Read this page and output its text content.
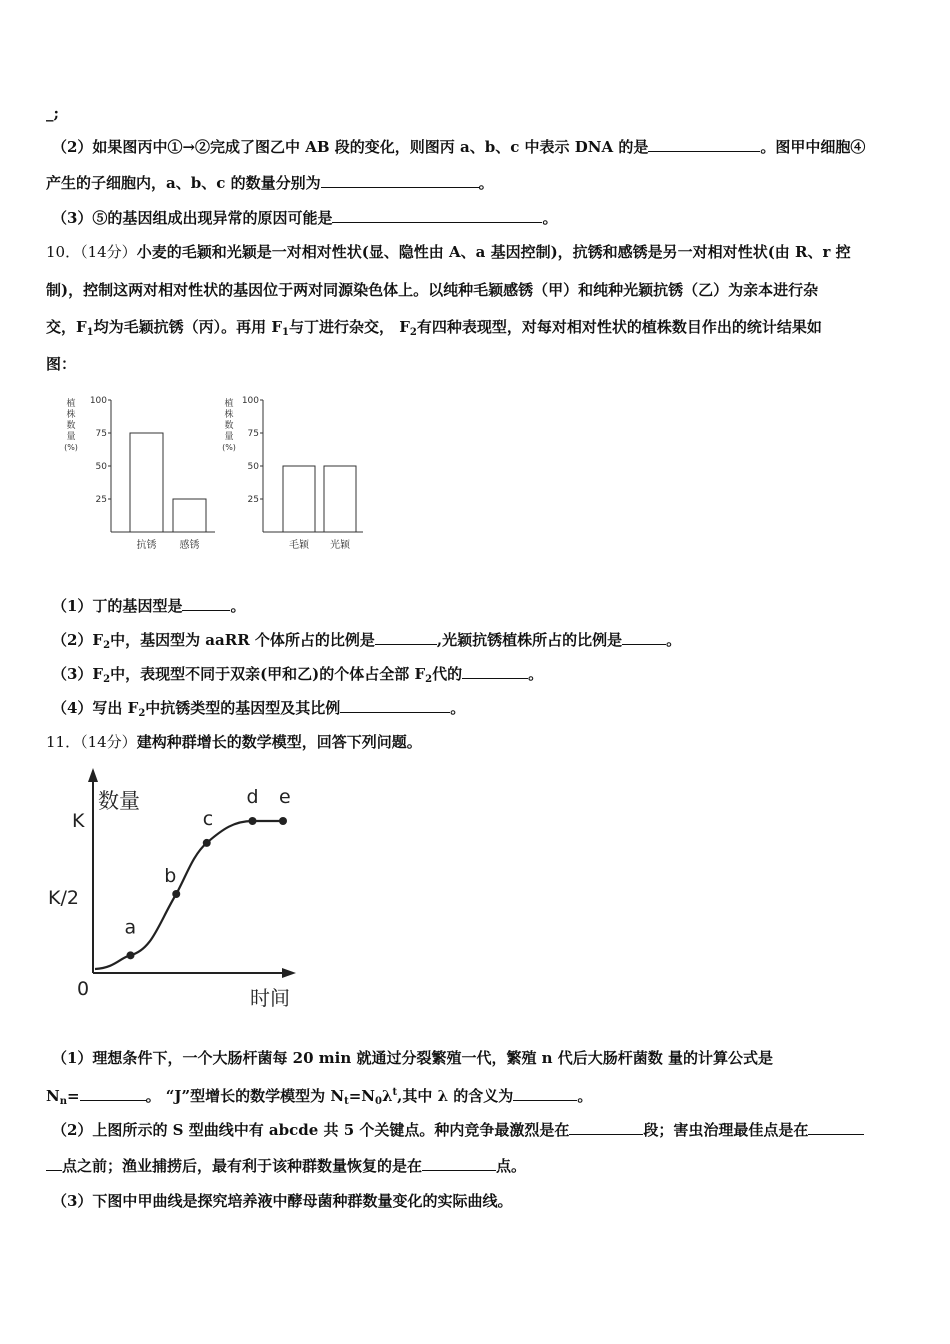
_;
（2）如果图丙中①→②完成了图乙中 AB 段的变化，则图丙 a、b、c 中表示 DNA 的是	。图甲中细胞④
产生的子细胞内，a、b、c 的数量分别为	。
（3）⑤的基因组成出现异常的原因可能是	。
10．（14分）小麦的毛颖和光颖是一对相对性状(显、隐性由 A、a 基因控制)，抗锈和感锈是另一对相对性状(由 R、r 控
制)，控制这两对相对性状的基因位于两对同源染色体上。以纯种毛颖感锈（甲）和纯种光颖抗锈（乙）为亲本进行杂
交，$F_1$均为毛颖抗锈（丙）。再用 $F_1$与丁进行杂交， $F_2$有四种表现型，对每对相对性状的植株数目作出的统计结果如
图：
25
50
75
100
植
株
数
量
(%)
抗锈 感锈
25
50
75
100
植
株
数
量
(%)
毛颖 光颖
（1）丁的基因型是	。
$(2)F_2$中，基因型为 aaRR 个体所占的比例是	,光颖抗锈植株所占的比例是	。
$(3)F_2$中，表现型不同于双亲(甲和乙)的个体占全部 $F_2$代的	。
（4）写出 $F_2$中抗锈类型的基因型及其比例	。
11．（14分）建构种群增长的数学模型，回答下列问题。
数量
时间
K
K/2
0
a
b
c
d e
（1）理想条件下，一个大肠杆菌每 20 min 就通过分裂繁殖一代，繁殖 n 代后大肠杆菌数 量的计算公式是
$N_n=$	。 “J”型增长的数学模型为 $N_t=N_0\lambda^t$,其中 λ 的含义为	。
（2）上图所示的 S 型曲线中有 abcde 共 5 个关键点。种内竞争最激烈是在	段；害虫治理最佳点是在
点之前；渔业捕捞后，最有利于该种群数量恢复的是在	点。
（3）下图中甲曲线是探究培养液中酵母菌种群数量变化的实际曲线。
